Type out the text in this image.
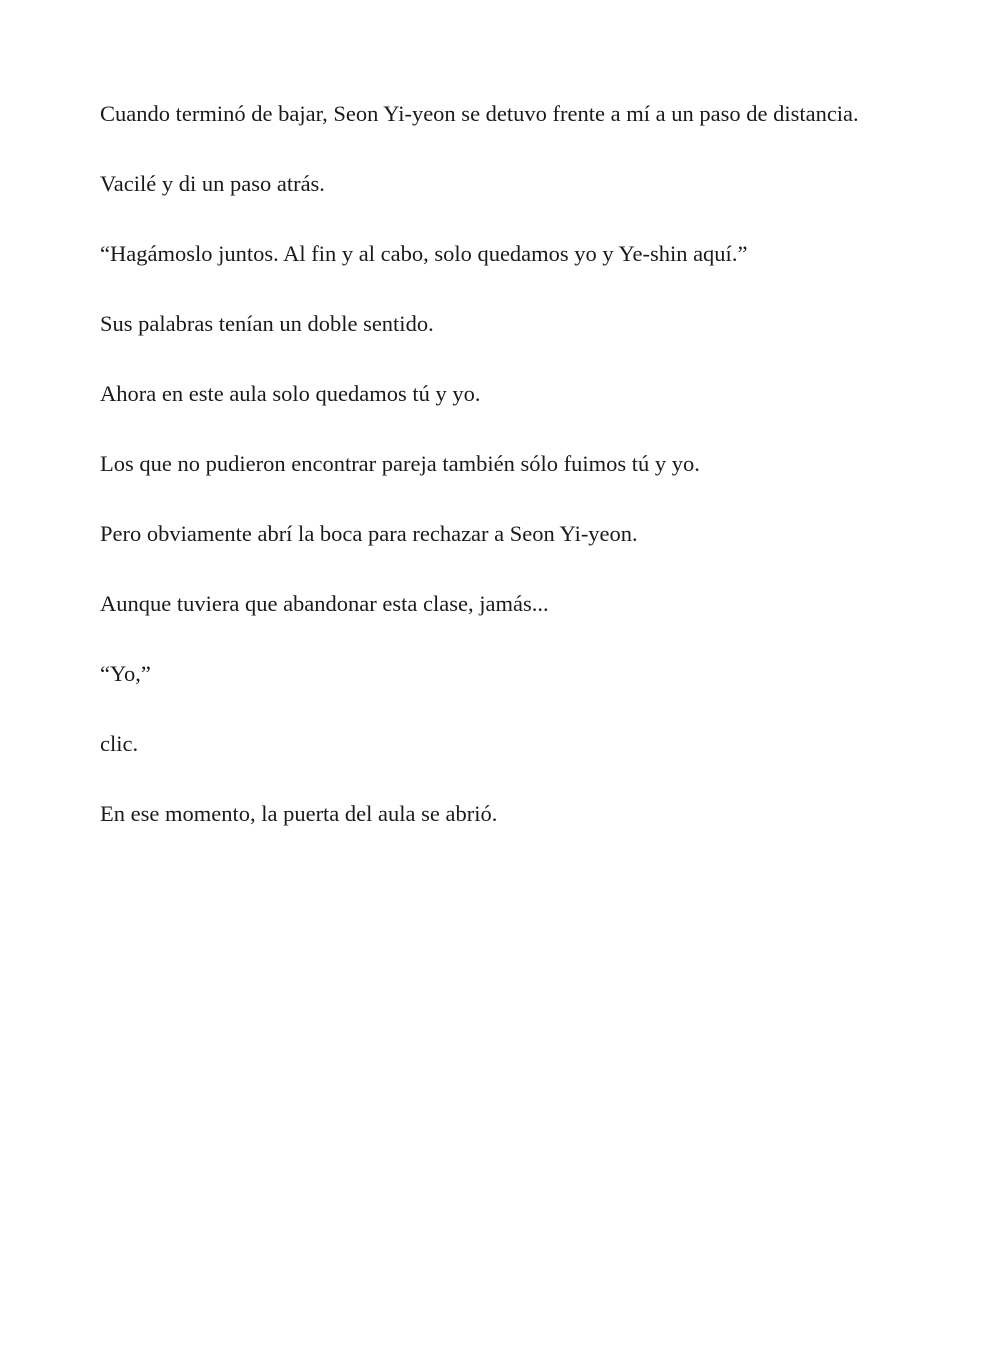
Cuando terminó de bajar, Seon Yi-yeon se detuvo frente a mí a un paso de distancia.

Vacilé y di un paso atrás.

“Hagámoslo juntos. Al fin y al cabo, solo quedamos yo y Ye-shin aquí.”

Sus palabras tenían un doble sentido.

Ahora en este aula solo quedamos tú y yo.

Los que no pudieron encontrar pareja también sólo fuimos tú y yo.

Pero obviamente abrí la boca para rechazar a Seon Yi-yeon.

Aunque tuviera que abandonar esta clase, jamás...

“Yo,”

clic.

En ese momento, la puerta del aula se abrió.
